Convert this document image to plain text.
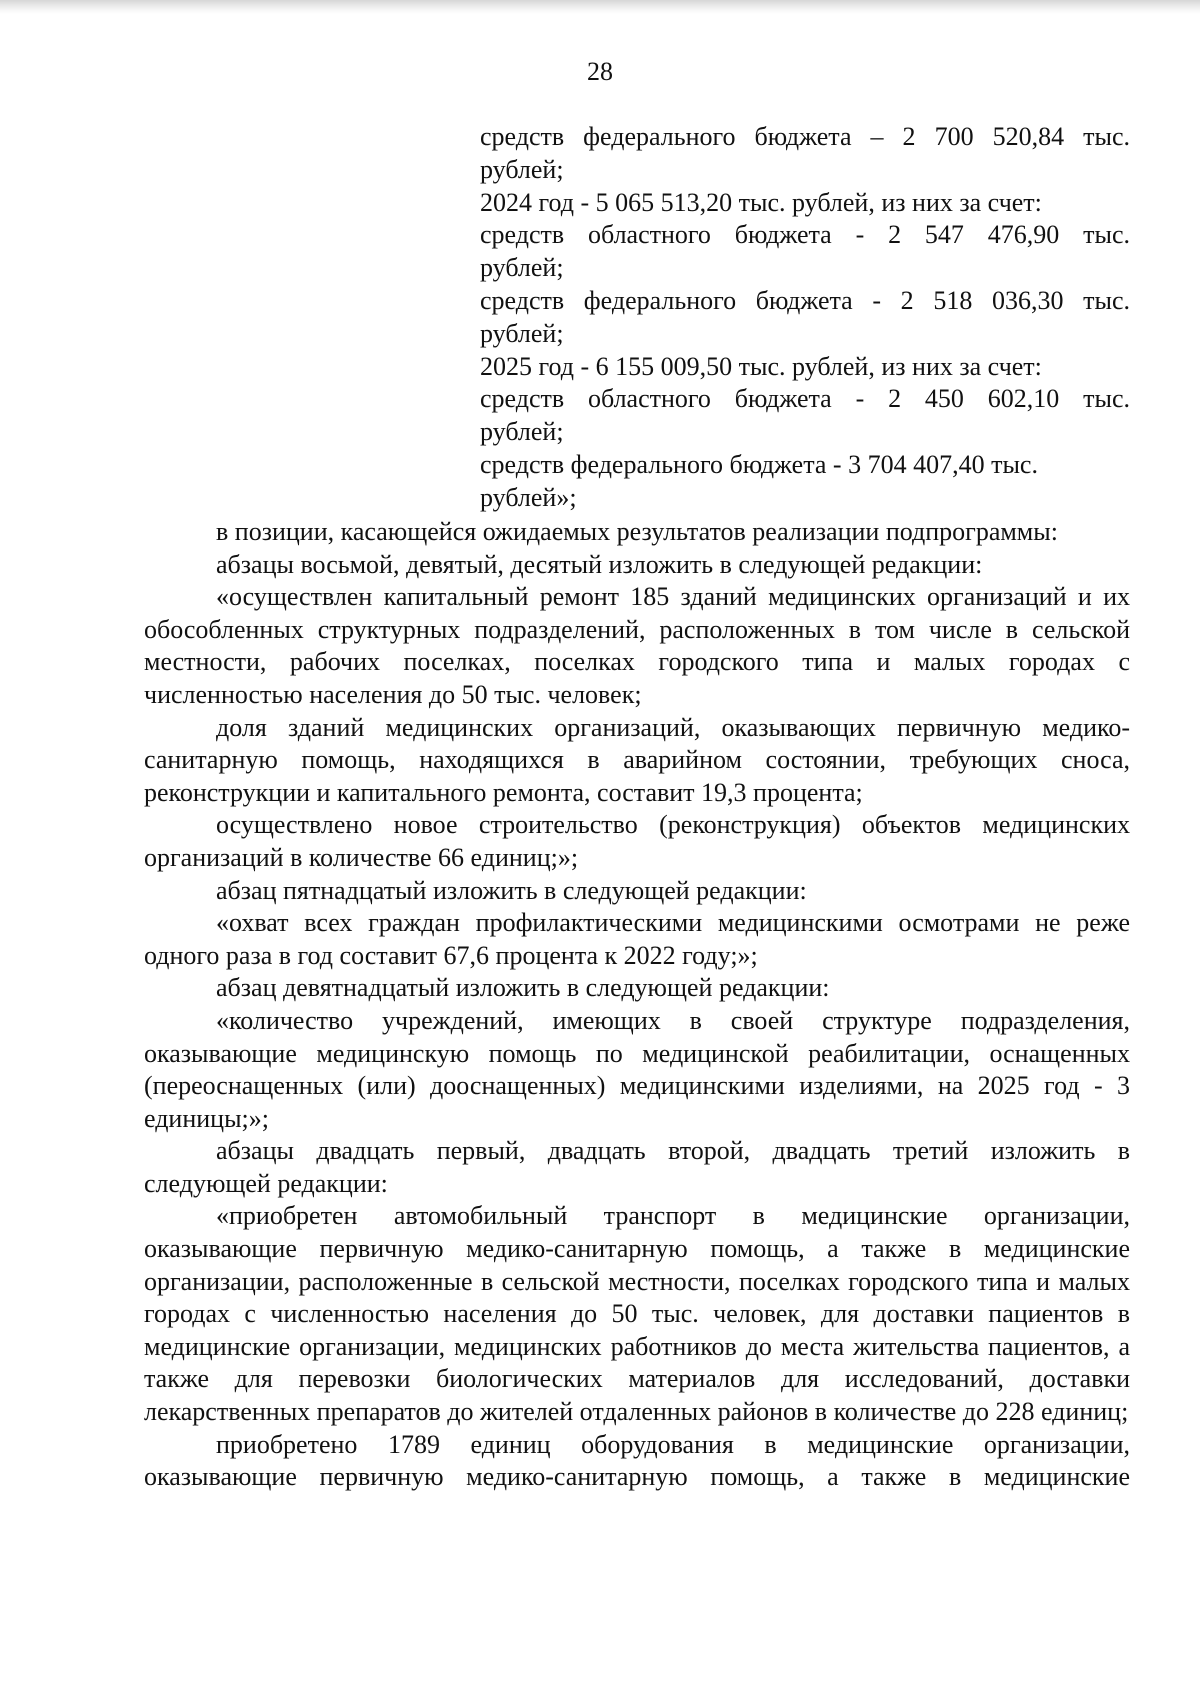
28
средств федерального бюджета – 2 700 520,84 тыс.
рублей;
2024 год - 5 065 513,20 тыс. рублей, из них за счет:
средств областного бюджета - 2 547 476,90 тыс.
рублей;
средств федерального бюджета - 2 518 036,30 тыс.
рублей;
2025 год - 6 155 009,50 тыс. рублей, из них за счет:
средств областного бюджета - 2 450 602,10 тыс.
рублей;
средств федерального бюджета - 3 704 407,40 тыс.
рублей»;

в позиции, касающейся ожидаемых результатов реализации подпрограммы:

абзацы восьмой, девятый, десятый изложить в следующей редакции:

«осуществлен капитальный ремонт 185 зданий медицинских организаций и их обособленных структурных подразделений, расположенных в том числе в сельской местности, рабочих поселках, поселках городского типа и малых городах с численностью населения до 50 тыс. человек;

доля зданий медицинских организаций, оказывающих первичную медико-санитарную помощь, находящихся в аварийном состоянии, требующих сноса, реконструкции и капитального ремонта, составит 19,3 процента;

осуществлено новое строительство (реконструкция) объектов медицинских организаций в количестве 66 единиц;»;

абзац пятнадцатый изложить в следующей редакции:

«охват всех граждан профилактическими медицинскими осмотрами не реже одного раза в год составит 67,6 процента к 2022 году;»;

абзац девятнадцатый изложить в следующей редакции:

«количество учреждений, имеющих в своей структуре подразделения, оказывающие медицинскую помощь по медицинской реабилитации, оснащенных (переоснащенных (или) дооснащенных) медицинскими изделиями, на 2025 год - 3 единицы;»;

абзацы двадцать первый, двадцать второй, двадцать третий изложить в следующей редакции:

«приобретен автомобильный транспорт в медицинские организации, оказывающие первичную медико-санитарную помощь, а также в медицинские организации, расположенные в сельской местности, поселках городского типа и малых городах с численностью населения до 50 тыс. человек, для доставки пациентов в медицинские организации, медицинских работников до места жительства пациентов, а также для перевозки биологических материалов для исследований, доставки лекарственных препаратов до жителей отдаленных районов в количестве до 228 единиц;

приобретено 1789 единиц оборудования в медицинские организации, оказывающие первичную медико-санитарную помощь, а также в медицинские
